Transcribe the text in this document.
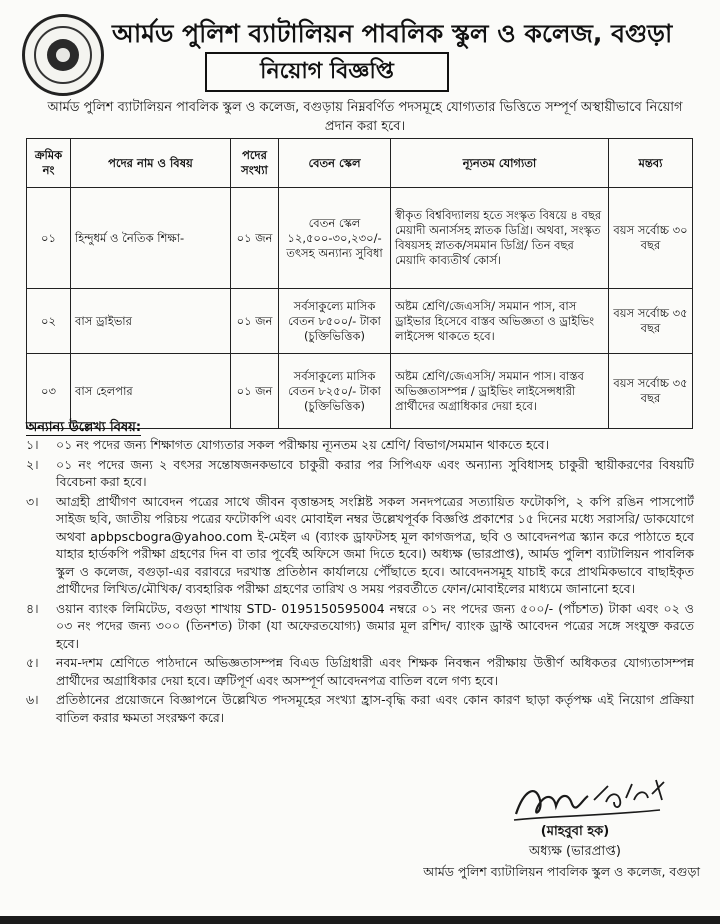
আর্মড পুলিশ ব্যাটালিয়ন পাবলিক স্কুল ও কলেজ, বগুড়া
নিয়োগ বিজ্ঞপ্তি
আর্মড পুলিশ ব্যাটালিয়ন পাবলিক স্কুল ও কলেজ, বগুড়ায় নিম্নবর্ণিত পদসমূহে যোগ্যতার ভিত্তিতে সম্পূর্ণ অস্থায়ীভাবে নিয়োগ প্রদান করা হবে।
ক্রমিক নং	পদের নাম ও বিষয়	পদের সংখ্যা	বেতন স্কেল	ন্যূনতম যোগ্যতা	মন্তব্য
০১	হিন্দুধর্ম ও নৈতিক শিক্ষা-	০১ জন	বেতন স্কেল ১২,৫০০-৩০,২৩০/- তৎসহ অন্যান্য সুবিধা	স্বীকৃত বিশ্ববিদ্যালয় হতে সংস্কৃত বিষয়ে ৪ বছর মেয়াদী অনার্সসহ স্নাতক ডিগ্রি। অথবা, সংস্কৃত বিষয়সহ স্নাতক/সমমান ডিগ্রি/ তিন বছর মেয়াদি কাব্যতীর্থ কোর্স।	বয়স সর্বোচ্চ ৩০ বছর
০২	বাস ড্রাইভার	০১ জন	সর্বসাকুল্যে মাসিক বেতন ৮৫০০/- টাকা (চুক্তিভিত্তিক)	অষ্টম শ্রেণি/জেএসসি/ সমমান পাস, বাস ড্রাইভার হিসেবে বাস্তব অভিজ্ঞতা ও ড্রাইভিং লাইসেন্স থাকতে হবে।	বয়স সর্বোচ্চ ৩৫ বছর
০৩	বাস হেলপার	০১ জন	সর্বসাকুল্যে মাসিক বেতন ৮২৫০/- টাকা (চুক্তিভিত্তিক)	অষ্টম শ্রেণি/জেএসসি/ সমমান পাস। বাস্তব অভিজ্ঞতাসম্পন্ন / ড্রাইভিং লাইসেন্সধারী প্রার্থীদের অগ্রাধিকার দেয়া হবে।	বয়স সর্বোচ্চ ৩৫ বছর
অন্যান্য উল্লেখ্য বিষয়:
১।	০১ নং পদের জন্য শিক্ষাগত যোগ্যতার সকল পরীক্ষায় ন্যূনতম ২য় শ্রেণি/ বিভাগ/সমমান থাকতে হবে।
২।	০১ নং পদের জন্য ২ বৎসর সন্তোষজনকভাবে চাকুরী করার পর সিপিএফ এবং অন্যান্য সুবিধাসহ চাকুরী স্থায়ীকরণের বিষয়টি বিবেচনা করা হবে।
৩।	আগ্রহী প্রার্থীগণ আবেদন পত্রের সাথে জীবন বৃত্তান্তসহ সংশ্লিষ্ট সকল সনদপত্রের সত্যায়িত ফটোকপি, ২ কপি রঙিন পাসপোর্ট সাইজ ছবি, জাতীয় পরিচয় পত্রের ফটোকপি এবং মোবাইল নম্বর উল্লেখপূর্বক বিজ্ঞপ্তি প্রকাশের ১৫ দিনের মধ্যে সরাসরি/ ডাকযোগে অথবা apbpscbogra@yahoo.com ই-মেইল এ (ব্যাংক ড্রাফটসহ মূল কাগজপত্র, ছবি ও আবেদনপত্র স্ক্যান করে পাঠাতে হবে যাহার হার্ডকপি পরীক্ষা গ্রহণের দিন বা তার পূর্বেই অফিসে জমা দিতে হবে।) অধ্যক্ষ (ভারপ্রাপ্ত), আর্মড পুলিশ ব্যাটালিয়ন পাবলিক স্কুল ও কলেজ, বগুড়া-এর বরাবরে দরখাস্ত প্রতিষ্ঠান কার্যালয়ে পৌঁছাতে হবে। আবেদনসমূহ যাচাই করে প্রাথমিকভাবে বাছাইকৃত প্রার্থীদের লিখিত/মৌখিক/ ব্যবহারিক পরীক্ষা গ্রহণের তারিখ ও সময় পরবর্তীতে ফোন/মোবাইলের মাধ্যমে জানানো হবে।
৪।	ওয়ান ব্যাংক লিমিটেড, বগুড়া শাখায় STD- 0195150595004 নম্বরে ০১ নং পদের জন্য ৫০০/- (পাঁচশত) টাকা এবং ০২ ও ০৩ নং পদের জন্য ৩০০ (তিনশত) টাকা (যা অফেরতযোগ্য) জমার মূল রশিদ/ ব্যাংক ড্রাফ্ট আবেদন পত্রের সঙ্গে সংযুক্ত করতে হবে।
৫।	নবম-দশম শ্রেণিতে পাঠদানে অভিজ্ঞতাসম্পন্ন বিএড ডিগ্রিধারী এবং শিক্ষক নিবন্ধন পরীক্ষায় উত্তীর্ণ অধিকতর যোগ্যতাসম্পন্ন প্রার্থীদের অগ্রাধিকার দেয়া হবে। ত্রুটিপূর্ণ এবং অসম্পূর্ণ আবেদনপত্র বাতিল বলে গণ্য হবে।
৬।	প্রতিষ্ঠানের প্রয়োজনে বিজ্ঞাপনে উল্লেখিত পদসমূহের সংখ্যা হ্রাস-বৃদ্ধি করা এবং কোন কারণ ছাড়া কর্তৃপক্ষ এই নিয়োগ প্রক্রিয়া বাতিল করার ক্ষমতা সংরক্ষণ করে।
(মাহবুবা হক)
অধ্যক্ষ (ভারপ্রাপ্ত)
আর্মড পুলিশ ব্যাটালিয়ন পাবলিক স্কুল ও কলেজ, বগুড়া
